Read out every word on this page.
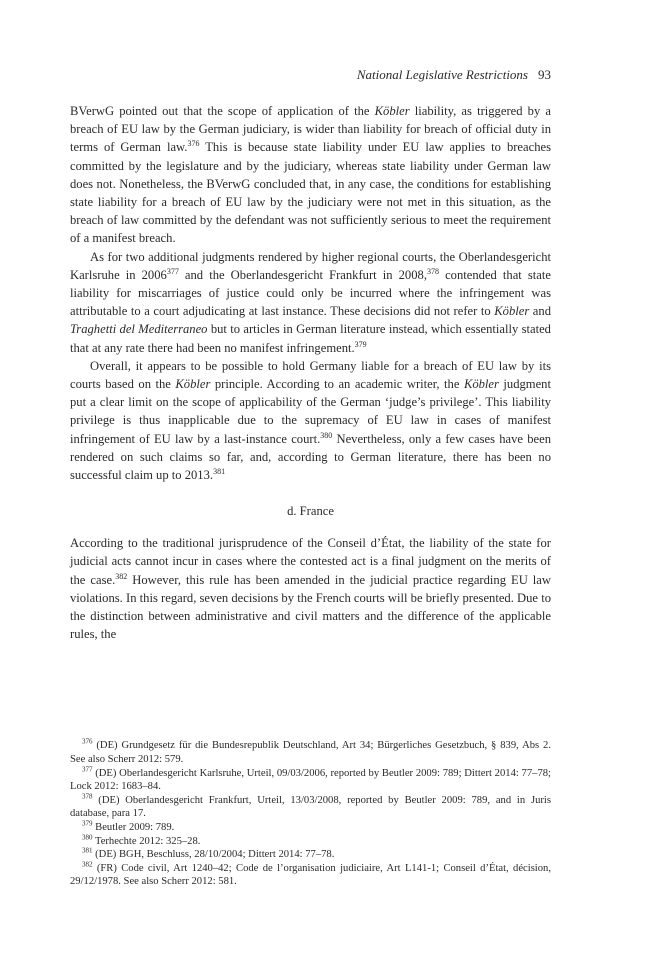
National Legislative Restrictions 93

BVerwG pointed out that the scope of application of the Köbler liability, as triggered by a breach of EU law by the German judiciary, is wider than liability for breach of official duty in terms of German law.$^{376}$ This is because state liability under EU law applies to breaches committed by the legislature and by the judiciary, whereas state liability under German law does not. Nonetheless, the BVerwG concluded that, in any case, the conditions for establishing state liability for a breach of EU law by the judiciary were not met in this situation, as the breach of law committed by the defendant was not sufficiently serious to meet the requirement of a manifest breach.

As for two additional judgments rendered by higher regional courts, the Oberlandesgericht Karlsruhe in 2006$^{377}$ and the Oberlandesgericht Frankfurt in 2008,$^{378}$ contended that state liability for miscarriages of justice could only be incurred where the infringement was attributable to a court adjudicating at last instance. These decisions did not refer to Köbler and Traghetti del Mediterraneo but to articles in German literature instead, which essentially stated that at any rate there had been no manifest infringement.$^{379}$

Overall, it appears to be possible to hold Germany liable for a breach of EU law by its courts based on the Köbler principle. According to an academic writer, the Köbler judgment put a clear limit on the scope of applicability of the German ‘judge’s privilege’. This liability privilege is thus inapplicable due to the supremacy of EU law in cases of manifest infringement of EU law by a last-instance court.$^{380}$ Nevertheless, only a few cases have been rendered on such claims so far, and, according to German literature, there has been no successful claim up to 2013.$^{381}$

d. France

According to the traditional jurisprudence of the Conseil d’État, the liability of the state for judicial acts cannot incur in cases where the contested act is a final judgment on the merits of the case.$^{382}$ However, this rule has been amended in the judicial practice regarding EU law violations. In this regard, seven decisions by the French courts will be briefly presented. Due to the distinction between administrative and civil matters and the difference of the applicable rules, the

$^{376}$ (DE) Grundgesetz für die Bundesrepublik Deutschland, Art 34; Bürgerliches Gesetzbuch, § 839, Abs 2. See also Scherr 2012: 579.

$^{377}$ (DE) Oberlandesgericht Karlsruhe, Urteil, 09/03/2006, reported by Beutler 2009: 789; Dittert 2014: 77–78; Lock 2012: 1683–84.

$^{378}$ (DE) Oberlandesgericht Frankfurt, Urteil, 13/03/2008, reported by Beutler 2009: 789, and in Juris database, para 17.

$^{379}$ Beutler 2009: 789.

$^{380}$ Terhechte 2012: 325–28.

$^{381}$ (DE) BGH, Beschluss, 28/10/2004; Dittert 2014: 77–78.

$^{382}$ (FR) Code civil, Art 1240–42; Code de l’organisation judiciaire, Art L141-1; Conseil d’État, décision, 29/12/1978. See also Scherr 2012: 581.
